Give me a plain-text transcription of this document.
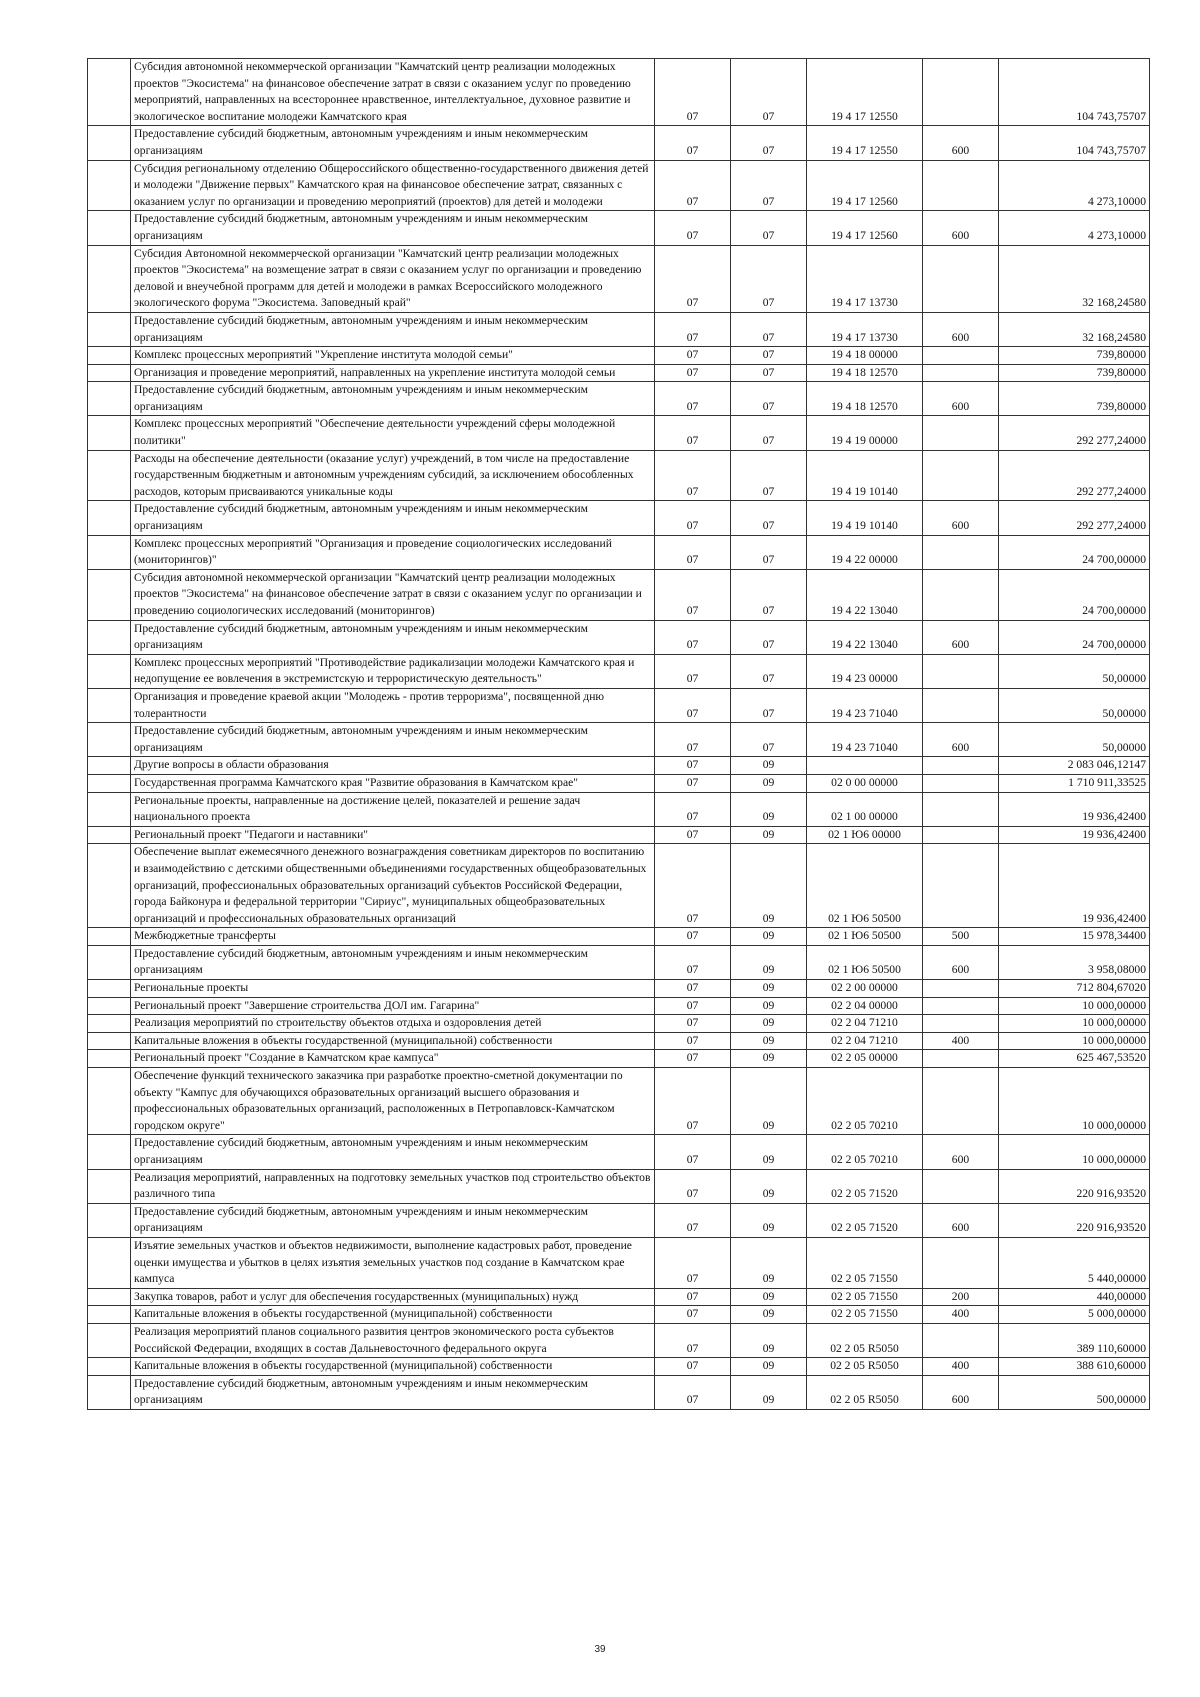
	Субсидия автономной некоммерческой организации "Камчатский центр реализации молодежных проектов "Экосистема" на финансовое обеспечение затрат в связи с оказанием услуг по проведению мероприятий, направленных на всестороннее нравственное, интеллектуальное, духовное развитие и экологическое воспитание молодежи Камчатского края	07	07	19 4 17 12550		104 743,75707
	Предоставление субсидий бюджетным, автономным учреждениям и иным некоммерческим организациям	07	07	19 4 17 12550	600	104 743,75707
	Субсидия региональному отделению Общероссийского общественно-государственного движения детей и молодежи "Движение первых" Камчатского края на финансовое обеспечение затрат, связанных с оказанием услуг по организации и проведению мероприятий (проектов) для детей и молодежи	07	07	19 4 17 12560		4 273,10000
	Предоставление субсидий бюджетным, автономным учреждениям и иным некоммерческим организациям	07	07	19 4 17 12560	600	4 273,10000
	Субсидия Автономной некоммерческой организации "Камчатский центр реализации молодежных проектов "Экосистема" на возмещение затрат в связи с оказанием услуг по организации и проведению деловой и внеучебной программ для детей и молодежи в рамках Всероссийского молодежного экологического форума "Экосистема. Заповедный край"	07	07	19 4 17 13730		32 168,24580
	Предоставление субсидий бюджетным, автономным учреждениям и иным некоммерческим организациям	07	07	19 4 17 13730	600	32 168,24580
	Комплекс процессных мероприятий "Укрепление института молодой семьи"	07	07	19 4 18 00000		739,80000
	Организация и проведение мероприятий, направленных на укрепление института молодой семьи	07	07	19 4 18 12570		739,80000
	Предоставление субсидий бюджетным, автономным учреждениям и иным некоммерческим организациям	07	07	19 4 18 12570	600	739,80000
	Комплекс процессных мероприятий "Обеспечение деятельности учреждений сферы молодежной политики"	07	07	19 4 19 00000		292 277,24000
	Расходы на обеспечение деятельности (оказание услуг) учреждений, в том числе на предоставление государственным бюджетным и автономным учреждениям субсидий, за исключением обособленных расходов, которым присваиваются уникальные коды	07	07	19 4 19 10140		292 277,24000
	Предоставление субсидий бюджетным, автономным учреждениям и иным некоммерческим организациям	07	07	19 4 19 10140	600	292 277,24000
	Комплекс процессных мероприятий "Организация и проведение социологических исследований (мониторингов)"	07	07	19 4 22 00000		24 700,00000
	Субсидия автономной некоммерческой организации "Камчатский центр реализации молодежных проектов "Экосистема" на финансовое обеспечение затрат в связи с оказанием услуг по организации и проведению социологических исследований (мониторингов)	07	07	19 4 22 13040		24 700,00000
	Предоставление субсидий бюджетным, автономным учреждениям и иным некоммерческим организациям	07	07	19 4 22 13040	600	24 700,00000
	Комплекс процессных мероприятий "Противодействие радикализации молодежи Камчатского края и недопущение ее вовлечения в экстремистскую и террористическую деятельность"	07	07	19 4 23 00000		50,00000
	Организация и проведение краевой акции "Молодежь - против терроризма", посвященной дню толерантности	07	07	19 4 23 71040		50,00000
	Предоставление субсидий бюджетным, автономным учреждениям и иным некоммерческим организациям	07	07	19 4 23 71040	600	50,00000
	Другие вопросы в области образования	07	09			2 083 046,12147
	Государственная программа Камчатского края "Развитие образования в Камчатском крае"	07	09	02 0 00 00000		1 710 911,33525
	Региональные проекты, направленные на достижение целей, показателей и решение задач национального проекта	07	09	02 1 00 00000		19 936,42400
	Региональный проект "Педагоги и наставники"	07	09	02 1 Ю6 00000		19 936,42400
	Обеспечение выплат ежемесячного денежного вознаграждения советникам директоров по воспитанию и взаимодействию с детскими общественными объединениями государственных общеобразовательных организаций, профессиональных образовательных организаций субъектов Российской Федерации, города Байконура и федеральной территории "Сириус", муниципальных общеобразовательных организаций и профессиональных образовательных организаций	07	09	02 1 Ю6 50500		19 936,42400
	Межбюджетные трансферты	07	09	02 1 Ю6 50500	500	15 978,34400
	Предоставление субсидий бюджетным, автономным учреждениям и иным некоммерческим организациям	07	09	02 1 Ю6 50500	600	3 958,08000
	Региональные проекты	07	09	02 2 00 00000		712 804,67020
	Региональный проект "Завершение строительства ДОЛ им. Гагарина"	07	09	02 2 04 00000		10 000,00000
	Реализация мероприятий по строительству объектов отдыха и оздоровления детей	07	09	02 2 04 71210		10 000,00000
	Капитальные вложения в объекты государственной (муниципальной) собственности	07	09	02 2 04 71210	400	10 000,00000
	Региональный проект "Создание в Камчатском крае кампуса"	07	09	02 2 05 00000		625 467,53520
	Обеспечение функций технического заказчика при разработке проектно-сметной документации по объекту "Кампус для обучающихся образовательных организаций высшего образования и профессиональных образовательных организаций, расположенных в Петропавловск-Камчатском городском округе"	07	09	02 2 05 70210		10 000,00000
	Предоставление субсидий бюджетным, автономным учреждениям и иным некоммерческим организациям	07	09	02 2 05 70210	600	10 000,00000
	Реализация мероприятий, направленных на подготовку земельных участков под строительство объектов различного типа	07	09	02 2 05 71520		220 916,93520
	Предоставление субсидий бюджетным, автономным учреждениям и иным некоммерческим организациям	07	09	02 2 05 71520	600	220 916,93520
	Изъятие земельных участков и объектов недвижимости, выполнение кадастровых работ, проведение оценки имущества и убытков в целях изъятия земельных участков под создание в Камчатском крае кампуса	07	09	02 2 05 71550		5 440,00000
	Закупка товаров, работ и услуг для обеспечения государственных (муниципальных) нужд	07	09	02 2 05 71550	200	440,00000
	Капитальные вложения в объекты государственной (муниципальной) собственности	07	09	02 2 05 71550	400	5 000,00000
	Реализация мероприятий планов социального развития центров экономического роста субъектов Российской Федерации, входящих в состав Дальневосточного федерального округа	07	09	02 2 05 R5050		389 110,60000
	Капитальные вложения в объекты государственной (муниципальной) собственности	07	09	02 2 05 R5050	400	388 610,60000
	Предоставление субсидий бюджетным, автономным учреждениям и иным некоммерческим организациям	07	09	02 2 05 R5050	600	500,00000
39
